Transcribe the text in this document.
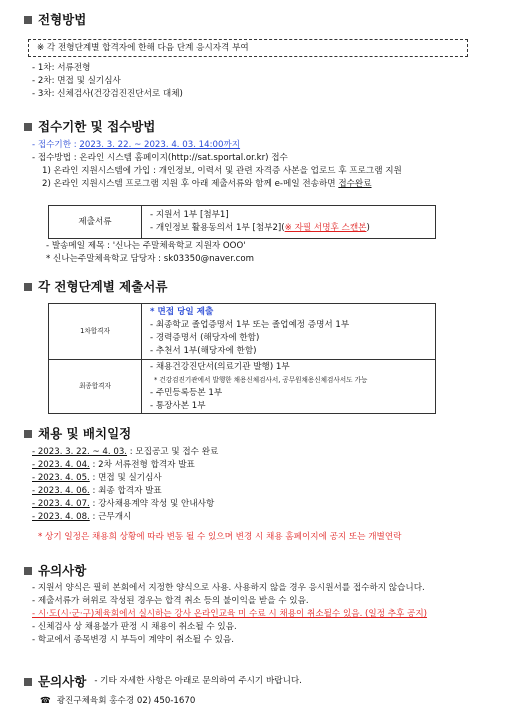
전형방법
※ 각 전형단계별 합격자에 한해 다음 단계 응시자격 부여
- 1차: 서류전형
- 2차: 면접 및 실기심사
- 3차: 신체검사(건강검진진단서로 대체)
접수기한 및 접수방법
- 접수기한 : 2023. 3. 22. ~ 2023. 4. 03. 14:00까지
- 접수방법 : 온라인 시스템 홈페이지(http://sat.sportal.or.kr) 접수
1) 온라인 지원시스템에 가입 : 개인정보, 이력서 및 관련 자격증 사본을 업로드 후 프로그램 지원
2) 온라인 지원시스템 프로그램 지원 후 아래 제출서류와 함께 e-메일 전송하면 접수완료
제출서류	
- 지원서 1부 [첨부1]
- 개인정보 활용동의서 1부 [첨부2](※ 자필 서명후 스캔본)
- 발송메일 제목 : '신나는 주말체육학교 지원자 OOO'
* 신나는주말체육학교 담당자 : sk03350@naver.com
각 전형단계별 제출서류
1차합격자	* 면접 당일 제출
- 최종학교 졸업증명서 1부 또는 졸업예정 증명서 1부
- 경력증명서 (해당자에 한함)
- 추천서 1부(해당자에 한함)

최종합격자	- 채용건강진단서(의료기관 발행) 1부
* 건강검진기관에서 발행한 채용신체검사서, 공무원채용신체검사서도 가능
- 주민등록등본 1부
- 통장사본 1부
채용 및 배치일정
- 2023. 3. 22. ~ 4. 03. : 모집공고 및 접수 완료
- 2023. 4. 04. : 2차 서류전형 합격자 발표
- 2023. 4. 05. : 면접 및 실기심사
- 2023. 4. 06. : 최종 합격자 발표
- 2023. 4. 07. : 강사채용계약 작성 및 안내사항
- 2023. 4. 08. : 근무개시
* 상기 일정은 채용희 상황에 따라 변동 될 수 있으며 변경 시 채용 홈페이지에 공지 또는 개별연락
유의사항
- 지원서 양식은 필히 본회에서 지정한 양식으로 사용. 사용하지 않을 경우 응시원서를 접수하지 않습니다.
- 제출서류가 허위로 작성된 경우는 합격 취소 등의 불이익을 받을 수 있음.
- 시·도(시·군·구)체육회에서 실시하는 강사 온라인교육 미 수료 시 채용이 취소될수 있음. (일정 추후 공지)
- 신체검사 상 채용불가 판정 시 채용이 취소될 수 있음.
- 학교에서 종목변경 시 부득이 계약이 취소될 수 있음.
문의사항 - 기타 자세한 사항은 아래로 문의하여 주시기 바랍니다.
☎ 광진구체육회 홍수경 02) 450-1670
